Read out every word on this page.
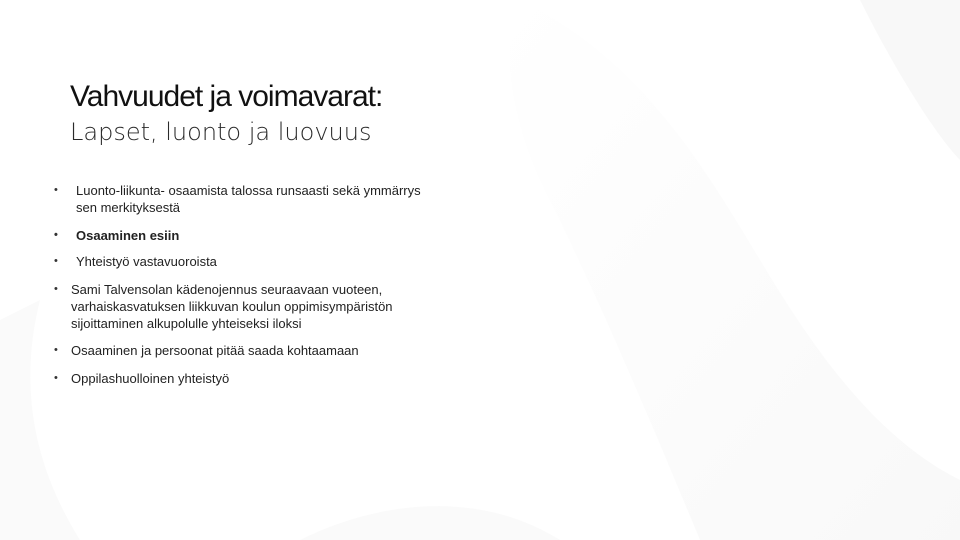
Vahvuudet ja voimavarat:
Lapset, luonto ja luovuus
• Luonto-liikunta- osaamista talossa runsaasti sekä ymmärrys
sen merkityksestä
• Osaaminen esiin
• Yhteistyö vastavuoroista
• Sami Talvensolan kädenojennus seuraavaan vuoteen,
varhaiskasvatuksen liikkuvan koulun oppimisympäristön
sijoittaminen alkupolulle yhteiseksi iloksi
• Osaaminen ja persoonat pitää saada kohtaamaan
• Oppilashuolloinen yhteistyö
